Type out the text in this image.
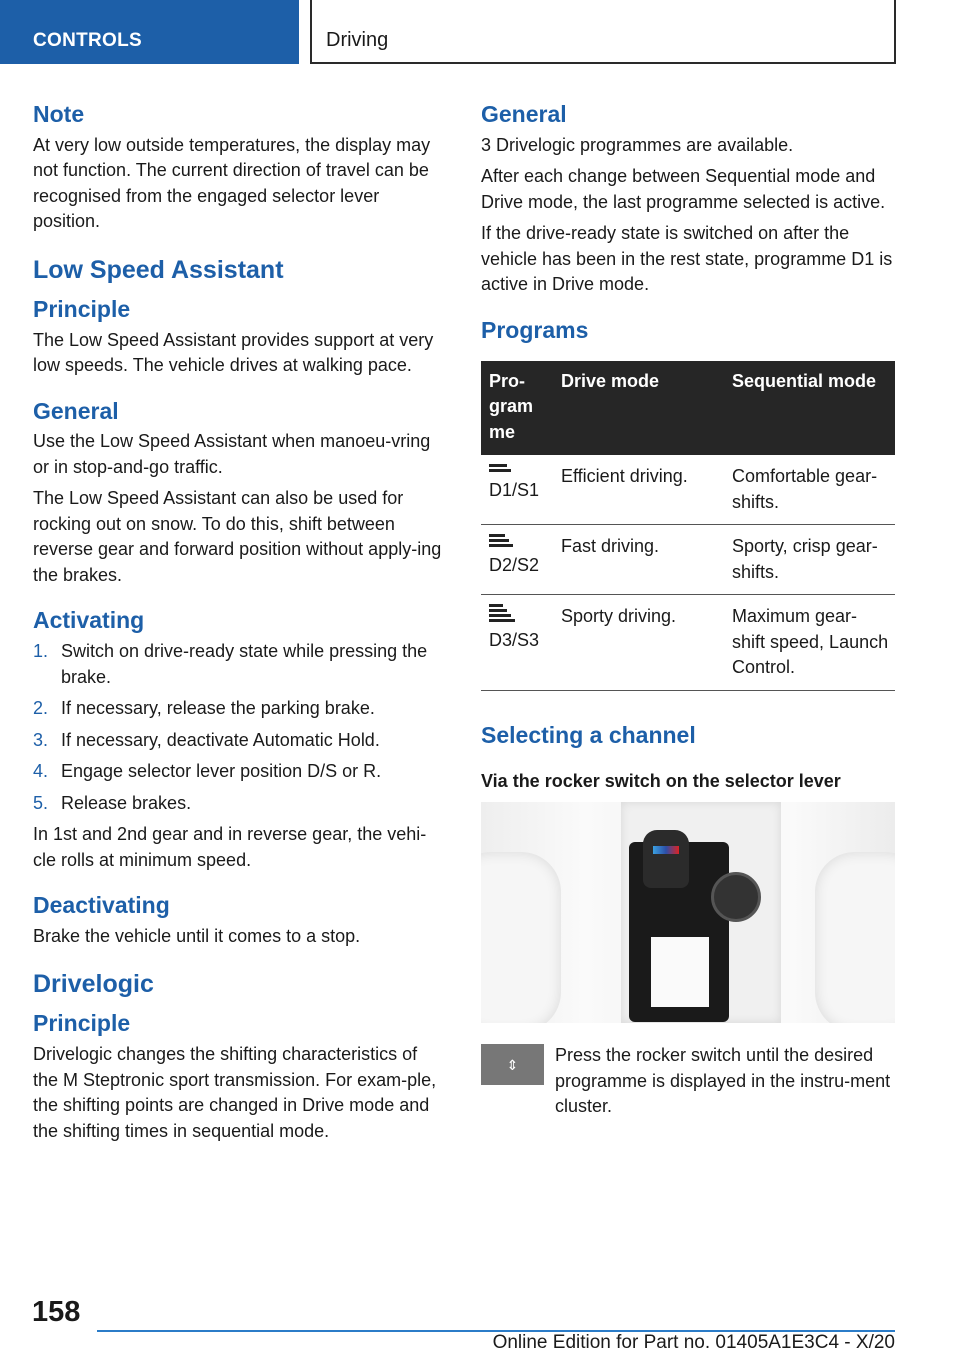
CONTROLS	Driving
Note

At very low outside temperatures, the display may not function. The current direction of travel can be recognised from the engaged selector lever position.

Low Speed Assistant
Principle

The Low Speed Assistant provides support at very low speeds. The vehicle drives at walking pace.

General

Use the Low Speed Assistant when manoeu-vring or in stop-and-go traffic.

The Low Speed Assistant can also be used for rocking out on snow. To do this, shift between reverse gear and forward position without apply-ing the brakes.

Activating
1. Switch on drive-ready state while pressing the brake.
2. If necessary, release the parking brake.
3. If necessary, deactivate Automatic Hold.
4. Engage selector lever position D/S or R.
5. Release brakes.

In 1st and 2nd gear and in reverse gear, the vehi-cle rolls at minimum speed.

Deactivating

Brake the vehicle until it comes to a stop.

Drivelogic
Principle

Drivelogic changes the shifting characteristics of the M Steptronic sport transmission. For exam-ple, the shifting points are changed in Drive mode and the shifting times in sequential mode.

General

3 Drivelogic programmes are available.

After each change between Sequential mode and Drive mode, the last programme selected is active.

If the drive-ready state is switched on after the vehicle has been in the rest state, programme D1 is active in Drive mode.

Programs
Pro-gram me	Drive mode	Sequential mode

D1/S1	Efficient driving.	Comfortable gear-shifts.

D2/S2	Fast driving.	Sporty, crisp gear-shifts.

D3/S3	Sporty driving.	Maximum gear-shift speed, Launch Control.
Selecting a channel
Via the rocker switch on the selector lever
⇕ Press the rocker switch until the desired programme is displayed in the instru-ment cluster.

158
Online Edition for Part no. 01405A1E3C4 - X/20
